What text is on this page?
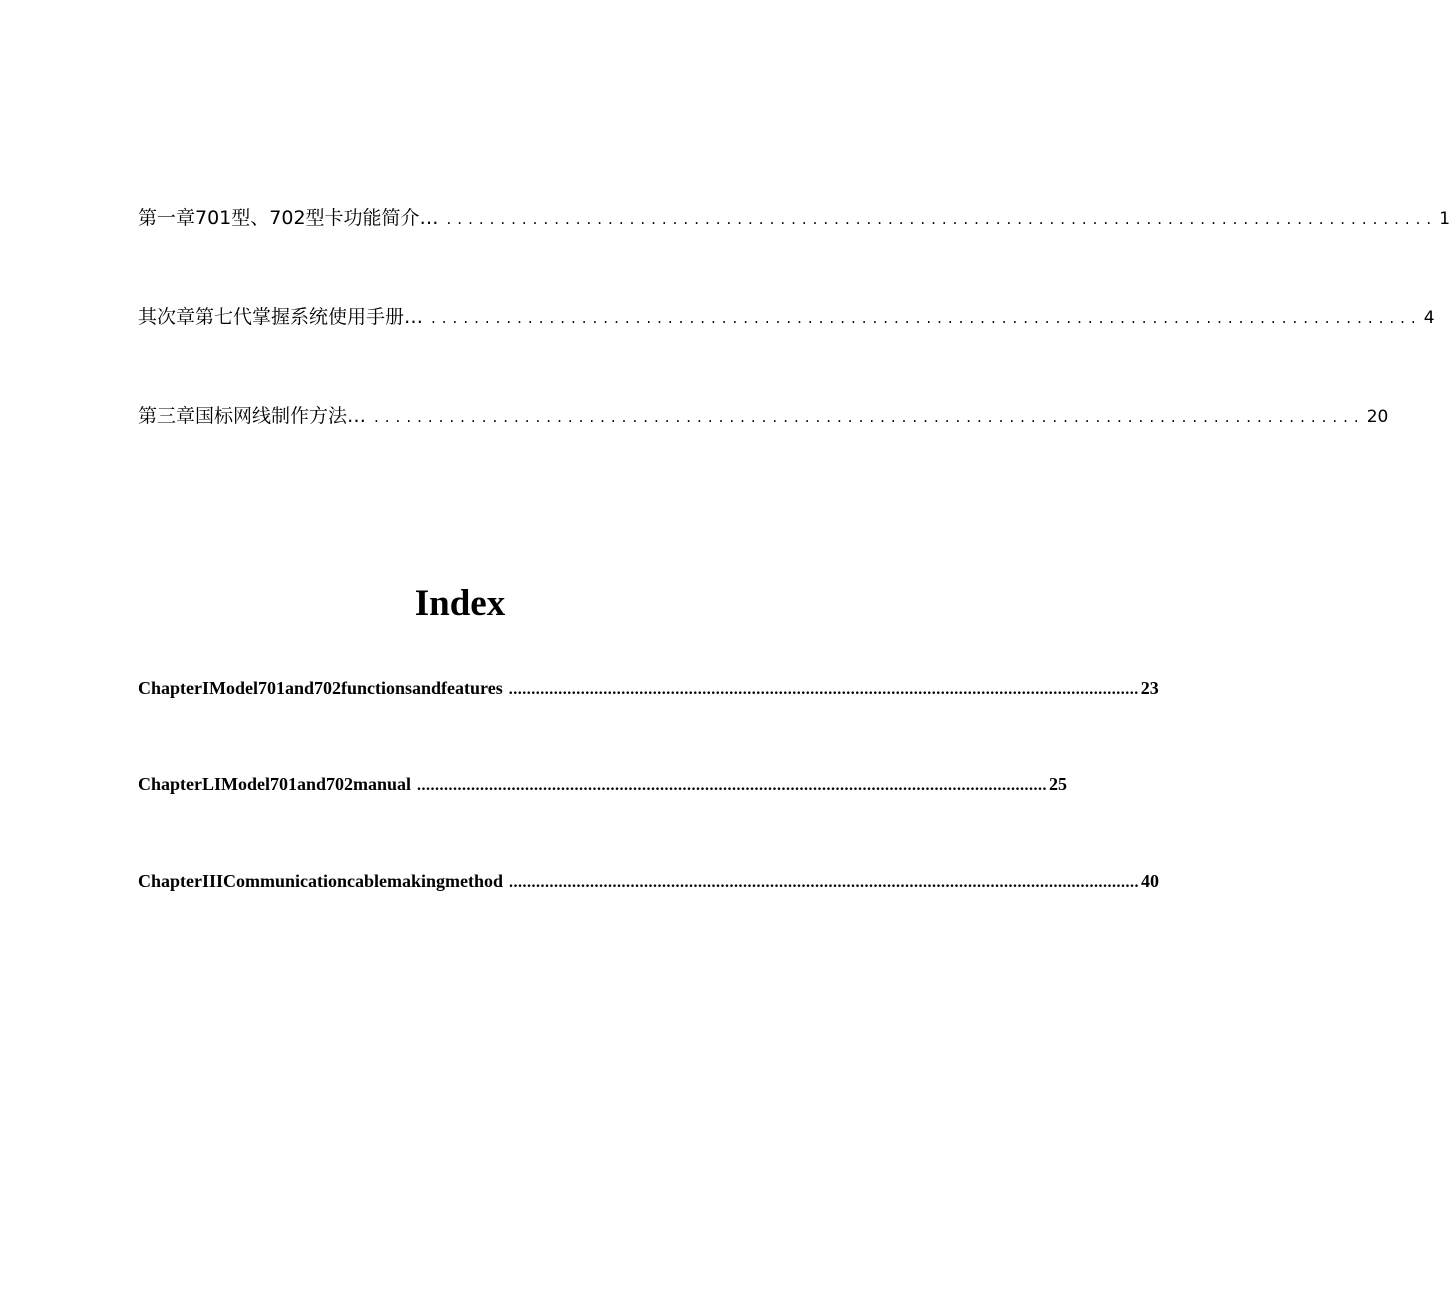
第一章701型、702型卡功能简介… ............................................................................................ 1
其次章第七代掌握系统使用手册… ............................................................................................ 4
第三章国标网线制作方法… ............................................................................................ 20
Index
ChapterIModel701and702functionsandfeatures ............................................................................................................................................ 23
ChapterLIModel701and702manual ............................................................................................................................................ 25
ChapterIIICommunicationcablemakingmethod ............................................................................................................................................ 40
